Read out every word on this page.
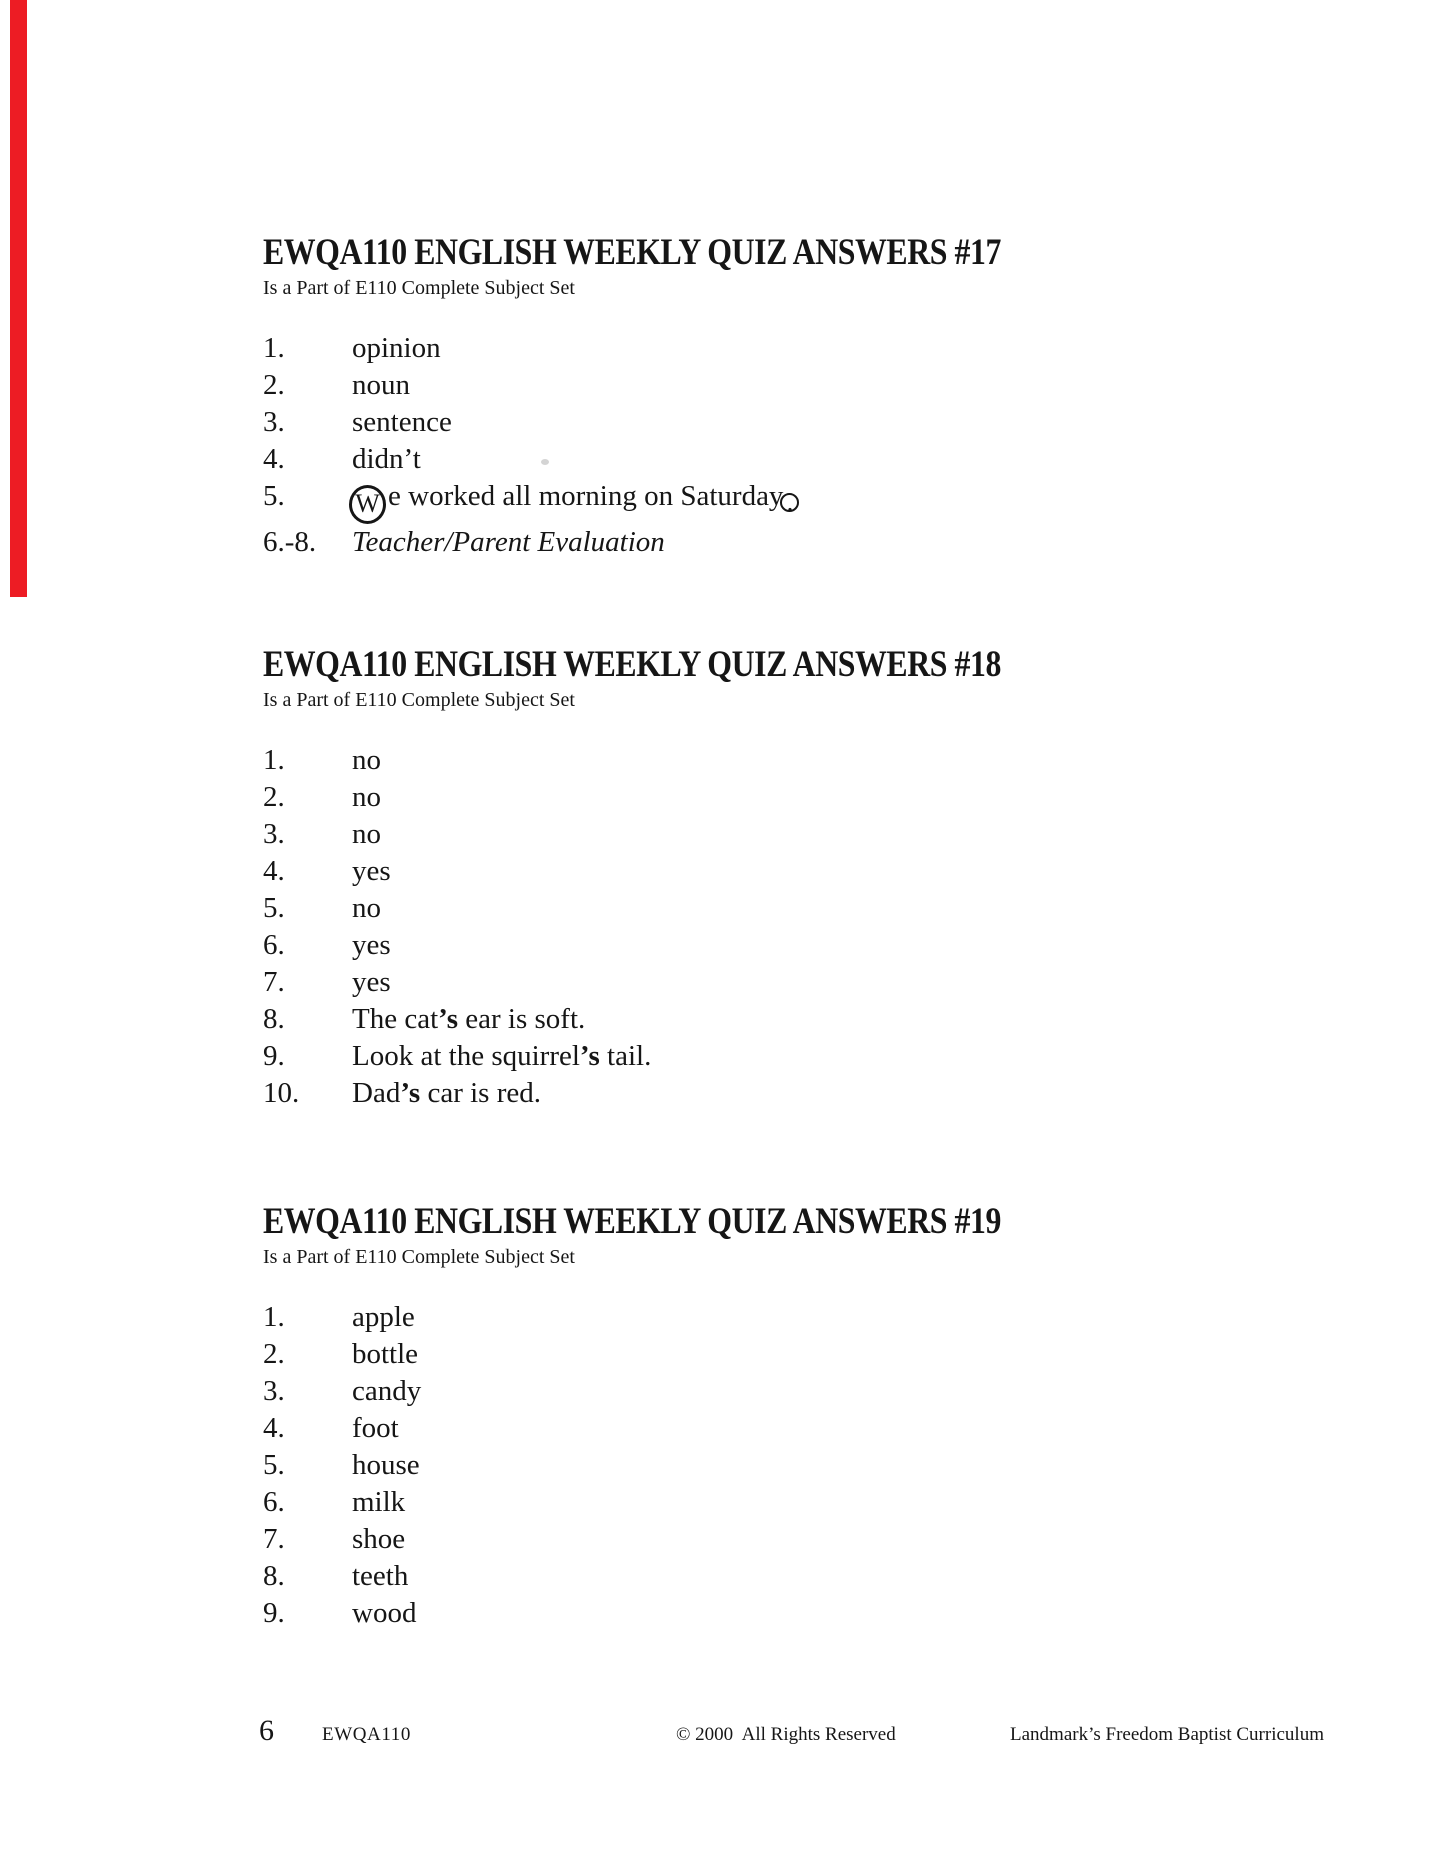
EWQA110 ENGLISH WEEKLY QUIZ ANSWERS #17
Is a Part of E110 Complete Subject Set
1.	opinion
2.	noun
3.	sentence
4.	didn’t
5.	W e worked all morning on Saturday .
6.-8.	Teacher/Parent Evaluation
EWQA110 ENGLISH WEEKLY QUIZ ANSWERS #18
Is a Part of E110 Complete Subject Set
1.	no
2.	no
3.	no
4.	yes
5.	no
6.	yes
7.	yes
8.	The cat’s ear is soft.
9.	Look at the squirrel’s tail.
10.	Dad’s car is red.
EWQA110 ENGLISH WEEKLY QUIZ ANSWERS #19
Is a Part of E110 Complete Subject Set
1.	apple
2.	bottle
3.	candy
4.	foot
5.	house
6.	milk
7.	shoe
8.	teeth
9.	wood
6	EWQA110	© 2000  All Rights Reserved	Landmark’s Freedom Baptist Curriculum
